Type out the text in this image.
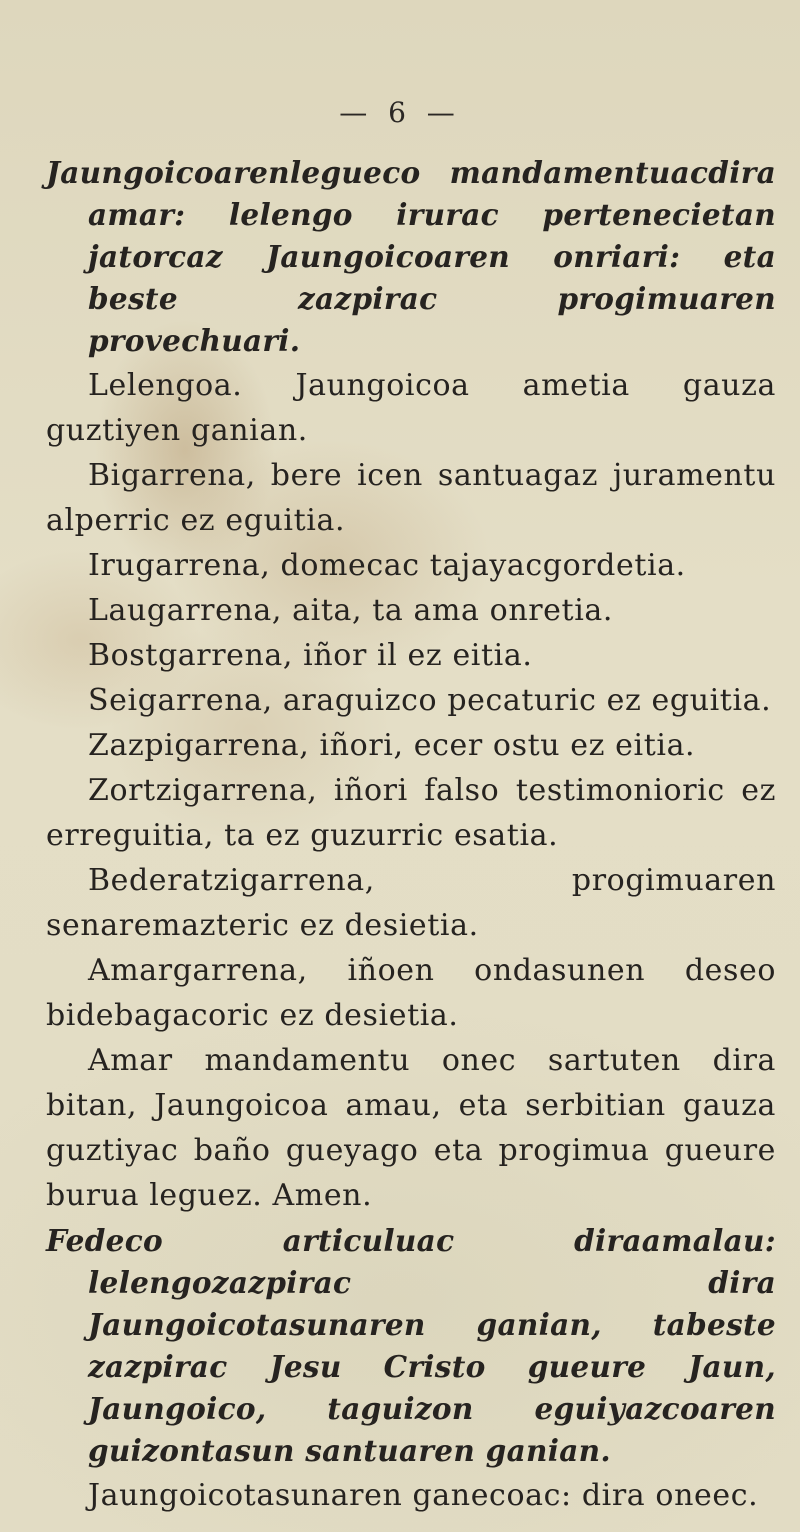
— 6 —

Jaungoicoarenlegueco mandamentuacdira amar: lelengo irurac pertenecietan jatorcaz Jaungoicoaren onriari: eta beste zazpirac progimuaren provechuari.

Lelengoa. Jaungoicoa ametia gauza guztiyen ganian.

Bigarrena, bere icen santuagaz juramentu alperric ez eguitia.

Irugarrena, domecac tajayacgordetia.

Laugarrena, aita, ta ama onretia.

Bostgarrena, iñor il ez eitia.

Seigarrena, araguizco pecaturic ez eguitia.

Zazpigarrena, iñori, ecer ostu ez eitia.

Zortzigarrena, iñori falso testimonioric ez erreguitia, ta ez guzurric esatia.

Bederatzigarrena, progimuaren senaremazteric ez desietia.

Amargarrena, iñoen ondasunen deseo bidebagacoric ez desietia.

Amar mandamentu onec sartuten dira bitan, Jaungoicoa amau, eta serbitian gauza guztiyac baño gueyago eta progimua gueure burua leguez. Amen.

Fedeco articuluac diraamalau: lelengozazpirac dira Jaungoicotasunaren ganian, tabeste zazpirac Jesu Cristo gueure Jaun, Jaungoico, taguizon eguiyazcoaren guizontasun santuaren ganian.

Jaungoicotasunaren ganecoac: dira oneec.
